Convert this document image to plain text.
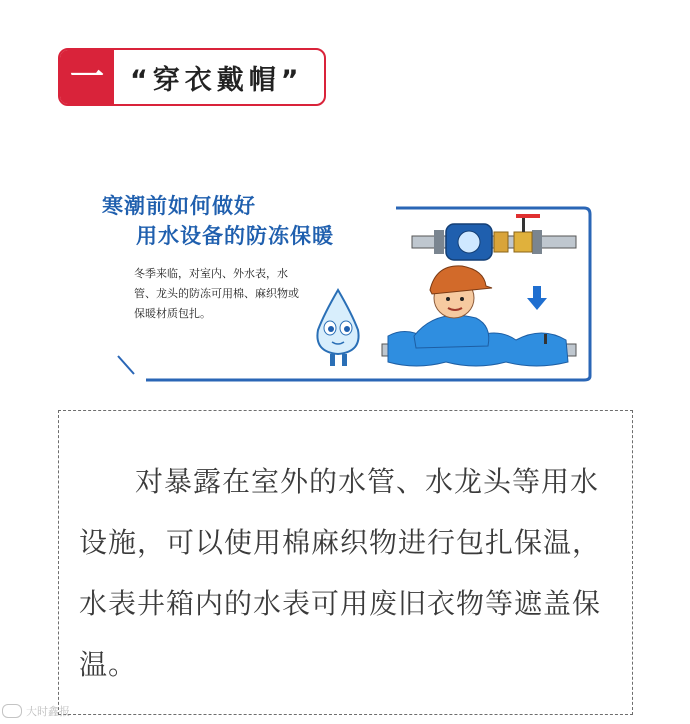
一 “穿衣戴帽”
寒潮前如何做好
用水设备的防冻保暖
冬季来临，对室内、外水表，水管、龙头的防冻可用棉、麻织物或保暖材质包扎。

对暴露在室外的水管、水龙头等用水设施，可以使用棉麻织物进行包扎保温，水表井箱内的水表可用废旧衣物等遮盖保温。

大时鑫报
